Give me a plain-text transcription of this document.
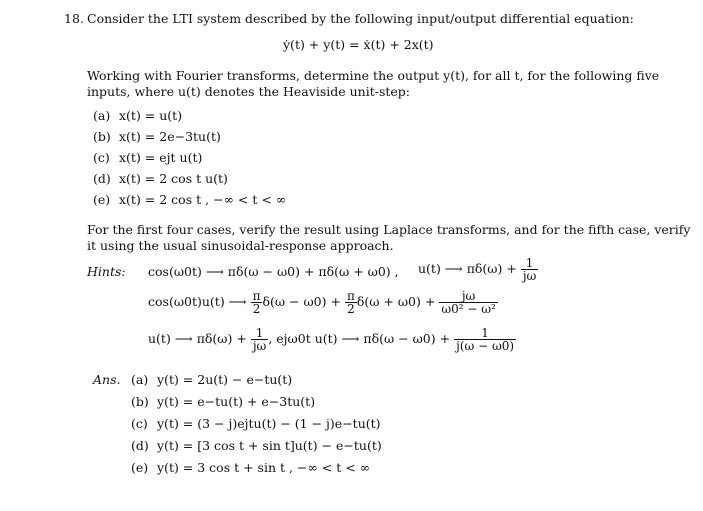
18. Consider the LTI system described by the following input/output differential equation:
ẏ(t) + y(t) = ẋ(t) + 2x(t)
Working with Fourier transforms, determine the output y(t), for all t, for the following five
inputs, where u(t) denotes the Heaviside unit-step:
(a) x(t) = u(t)
(b) x(t) = 2e−3tu(t)
(c) x(t) = ejt u(t)
(d) x(t) = 2 cos t u(t)
(e) x(t) = 2 cos t , −∞ < t < ∞
For the first four cases, verify the result using Laplace transforms, and for the fifth case, verify
it using the usual sinusoidal-response approach.
Hints: cos(ω0t) ⟶ πδ(ω − ω0) + πδ(ω + ω0) , u(t) ⟶ $\pi\delta(\omega) + \frac{1}{j\omega}$
cos(ω0t)u(t) ⟶ $\frac{\pi}{2} \delta(\omega - \omega 0) + \frac{\pi}{2} \delta(\omega + \omega 0) + \frac{j\omega}{\text{ω0² − ω²}}$
u(t) ⟶ $\pi\delta(\omega) + \frac{1}{j\omega}$ , ejω0t u(t) ⟶ $\pi\delta(\omega - \omega 0) + \frac{1}{j(\omega - \omega 0)}$
Ans. (a) y(t) = 2u(t) − e−tu(t)
(b) y(t) = e−tu(t) + e−3tu(t)
(c) y(t) = (3 − j)ejtu(t) − (1 − j)e−tu(t)
(d) y(t) = [3 cos t + sin t]u(t) − e−tu(t)
(e) y(t) = 3 cos t + sin t , −∞ < t < ∞
